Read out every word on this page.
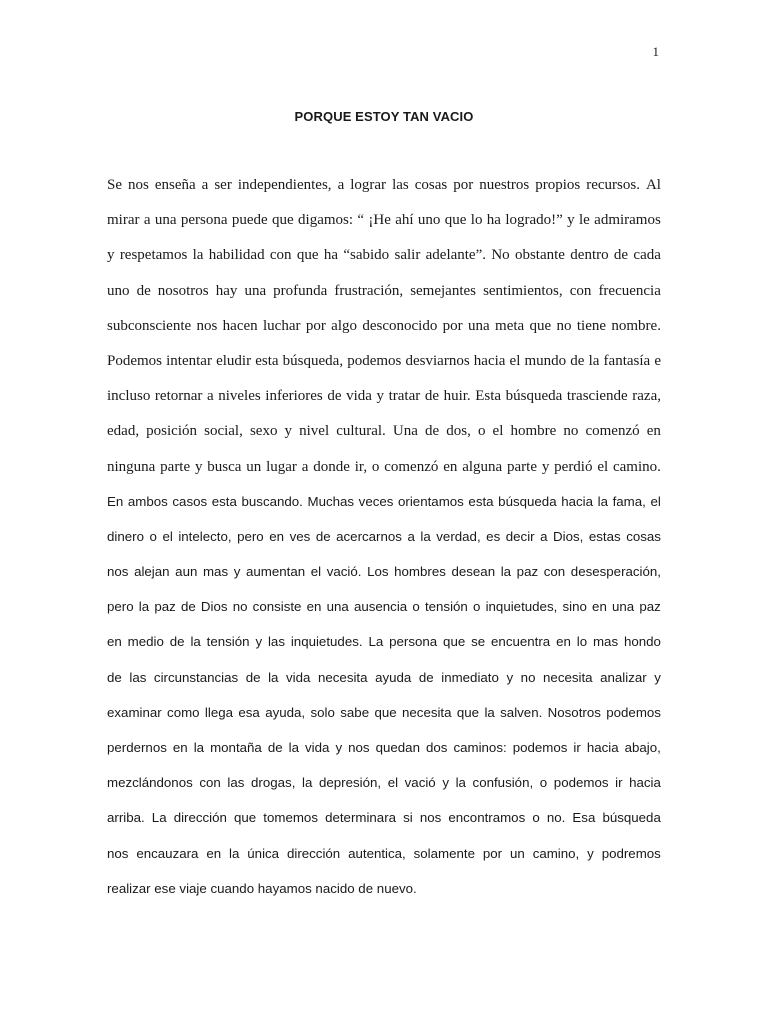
1
PORQUE ESTOY TAN VACIO
Se nos enseña a ser independientes, a lograr las cosas por nuestros propios recursos. Al
mirar a una persona puede que digamos: “ ¡He ahí uno que lo ha logrado!” y le admiramos
y respetamos la habilidad con que ha “sabido salir adelante”. No obstante dentro de cada
uno de nosotros hay una profunda frustración, semejantes sentimientos, con frecuencia
subconsciente nos hacen luchar por algo desconocido por una meta que no tiene nombre.
Podemos intentar eludir esta búsqueda, podemos desviarnos hacia el mundo de la fantasía e
incluso retornar a niveles inferiores de vida y tratar de huir. Esta búsqueda trasciende raza,
edad, posición social, sexo y nivel cultural. Una de dos, o el hombre no comenzó en
ninguna parte y busca un lugar a donde ir, o comenzó en alguna parte y perdió el camino.
En ambos casos esta buscando. Muchas veces orientamos esta búsqueda hacia la fama, el
dinero o el intelecto, pero en ves de acercarnos a la verdad, es decir a Dios, estas cosas
nos alejan aun mas y aumentan el vació. Los hombres desean la paz con desesperación,
pero la paz de Dios no consiste en una ausencia o tensión o inquietudes, sino en una paz
en medio de la tensión y las inquietudes. La persona que se encuentra en lo mas hondo
de las circunstancias de la vida necesita ayuda de inmediato y no necesita analizar y
examinar como llega esa ayuda, solo sabe que necesita que la salven. Nosotros podemos
perdernos en la montaña de la vida y nos quedan dos caminos: podemos ir hacia abajo,
mezclándonos con las drogas, la depresión, el vació y la confusión, o podemos ir hacia
arriba. La dirección que tomemos determinara si nos encontramos o no. Esa búsqueda
nos encauzara en la única dirección autentica, solamente por un camino, y podremos
realizar ese viaje cuando hayamos nacido de nuevo.
